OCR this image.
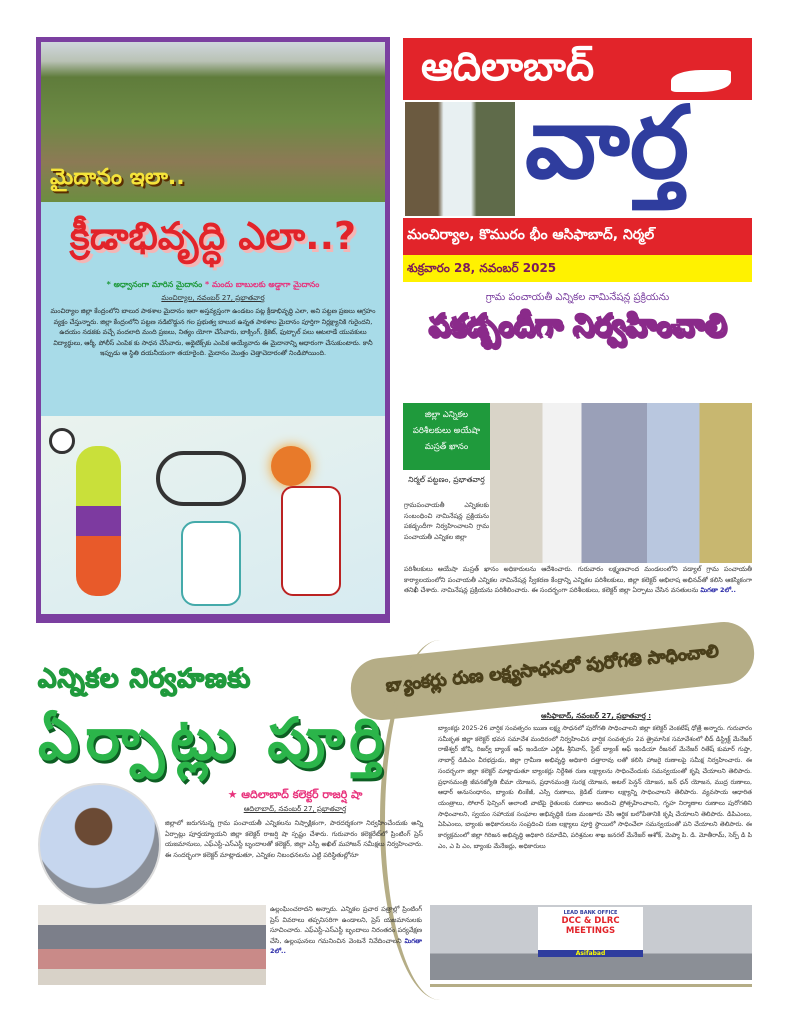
మైదానం ఇలా..
క్రీడాభివృద్ధి ఎలా..?
* అధ్వానంగా మారిన మైదానం * మందు బాబులకు అడ్డాగా మైదానం
మంచిర్యాల, నవంబర్ 27, ప్రభాతవార్త
మంచిర్యాల జిల్లా కేంద్రంలోని బాలుర పాఠశాల మైదానం ఇలా అస్తవ్యస్తంగా ఉండటం పట్ల క్రీడాభివృద్ధి ఎలా, అని పట్టణ ప్రజలు ఆగ్రహం వ్యక్తం చేస్తున్నారు. జిల్లా కేంద్రంలోని పట్టణ నడిబొడ్డున గల ప్రభుత్వ బాలుర ఉన్నత పాఠశాల మైదానం పూర్తిగా నిర్లక్ష్యానికి గురైందని, ఉదయం నడకకు వచ్చే వందలాది మంది ప్రజలు, నిత్యం యోగా చేసేవారు, బాక్సింగ్, క్రికెట్, ఫుట్బాల్ పలు ఆటలాడే యువకులు విద్యార్థులు, ఆర్మీ, పోలీస్ ఎంపిక కు సాధన చేసేవారు, అథ్లెటిక్స్‌కు ఎంపిక అయ్యేవారు ఈ మైదానాన్ని ఆధారంగా చేసుకుంటారు. కానీ ఇప్పుడు ఆ స్థితి దయనీయంగా తయారైంది. మైదానం మొత్తం చెత్తాచెదారంతో నిండిపోయింది.
ఆదిలాబాద్
వార్త
మంచిర్యాల, కొమురం భీం ఆసిఫాబాద్, నిర్మల్
శుక్రవారం 28, నవంబర్ 2025
గ్రామ పంచాయతీ ఎన్నికల నామినేషన్ల ప్రక్రియను
పకడ్బందీగా నిర్వహించాలి
జిల్లా ఎన్నికల పరిశీలకులు అయేషా మస్రత్ ఖానం
నిర్మల్ పట్టణం, ప్రభాతవార్త
గ్రామపంచాయతీ ఎన్నికలకు సంబంధించి నామినేషన్ల ప్రక్రియను పకడ్బందీగా నిర్వహించాలని గ్రామ పంచాయతీ ఎన్నికల జిల్లా
పరిశీలకులు ఆయేషా మస్రత్ ఖానం అధికారులను ఆదేశించారు. గురువారం లక్ష్మణచాంద మండలంలోని వడ్యాల్ గ్రామ పంచాయతీ కార్యాలయంలోని పంచాయతీ ఎన్నికల నామినేషన్ల స్వీకరణ కేంద్రాన్ని ఎన్నికల పరిశీలకులు, జిల్లా కలెక్టర్ అభిలాష అభినవ్‌తో కలిసి ఆకస్మికంగా తనిఖీ చేశారు. నామినేషన్ల ప్రక్రియను పరిశీలించారు. ఈ సందర్భంగా పరిశీలకులు, కలెక్టర్ జిల్లా ఏర్పాటు చేసిన వసతులను మిగతా 2లో..
బ్యాంకర్లు రుణ లక్ష్యసాధనలో పురోగతి సాధించాలి
ఆసిఫాబాద్, నవంబర్ 27, ప్రభాతవార్త :
బ్యాంకర్లు 2025-26 వార్షిక సంవత్సరం ఋణ లక్ష్య సాధనలో పురోగతి సాధించాలని జిల్లా కలెక్టర్ వెంకటేష్ ధోత్రే అన్నారు. గురువారం సమీకృత జిల్లా కలెక్టర్ భవన సమావేశ మందిరంలో నిర్వహించిన వార్షిక సంవత్సరం 2వ త్రైమాసిక సమావేశంలో లీడ్ డిస్ట్రిక్ట్ మేనేజర్ రాజేశ్వర్ జోషి, రిజర్వ్ బ్యాంక్ ఆఫ్ ఇండియా ఎల్డిఓ శ్రీనివాస్, స్టేట్ బ్యాంక్ ఆఫ్ ఇండియా రీజనల్ మేనేజర్ రితేష్ కుమార్ గుప్తా, నాబార్డ్ డిడిఎం వీరభద్రుడు, జిల్లా గ్రామీణ అభివృద్ధి అధికారి దత్తారావు లతో కలిసి హాజరై రుణాలపై సమీక్ష నిర్వహించారు. ఈ సందర్భంగా జిల్లా కలెక్టర్ మాట్లాడుతూ బ్యాంకర్లు నిర్దేశిత రుణ లక్ష్యాలను సాధించేందుకు సమన్వయంతో కృషి చేయాలని తెలిపారు. ప్రధానమంత్రి జీవనజ్యోతి బీమా యోజన, ప్రధానమంత్రి సురక్ష యోజన, అటల్ పెన్షన్ యోజన, జన్ ధన్ యోజన, ముద్ర రుణాలు, ఆధార్ అనుసంధానం, బ్యాంకు లింకేజీ, ఎస్సి రుణాలు, క్రెడిట్ రుణాల లక్ష్యాన్ని సాధించాలని తెలిపారు. వ్యవసాయ ఆధారిత యంత్రాలు, సోలార్ ఫెన్సింగ్ అలాంటి వాటిపై రైతులకు రుణాలు అందించి ప్రోత్సహించాలని, గృహ నిర్మాణాల రుణాలు పురోగతిని సాధించాలని, స్వయం సహాయక సంఘాల అభివృద్ధికి రుణ మంజూరు చేసి ఆర్థిక బలోపేతానికి కృషి చేయాలని తెలిపారు. డిపిఎంలు, ఏపిఎంలు, బ్యాంకు అధికారులను సంప్రదించి రుణ లక్ష్యాలు పూర్తి స్థాయిలో సాధించేలా సమన్వయంతో పని చేయాలని తెలిపారు. ఈ కార్యక్రమంలో జిల్లా గిరిజన అభివృద్ధి అధికారి రమాదేవి, పరిశ్రమల శాఖ జనరల్ మేనేజర్ ఆశోక్, మెప్మా పి. డి. మోతీరామ్, సెర్ప్ డి పి ఎం, ఎ పి ఎం, బ్యాంకు మేనేజర్లు, అధికారులు
LEAD BANK OFFICE
DCC & DLRC MEETINGS
Asifabad
ఎన్నికల నిర్వహణకు
ఏర్పాట్లు పూర్తి
★ ఆదిలాబాద్ కలెక్టర్ రాజర్షి షా
ఆదిలాబాద్, నవంబర్ 27, ప్రభాతవార్త
జిల్లాలో జరుగనున్న గ్రామ పంచాయతీ ఎన్నికలను నిష్పాక్షికంగా, పారదర్శకంగా నిర్వహించేందుకు అన్ని ఏర్పాట్లు పూర్తయ్యాయని జిల్లా కలెక్టర్ రాజర్షి షా స్పష్టం చేశారు. గురువారం కలెక్టరేట్‌లో ప్రింటింగ్ ప్రెస్ యజమానులు, ఎఫ్ఎస్టీ-ఎస్ఎస్టీ బృందాలతో కలెక్టర్, జిల్లా ఎస్పీ అఖిల్ మహాజన్ సమీక్షలు నిర్వహించారు. ఈ సందర్భంగా కలెక్టర్ మాట్లాడుతూ, ఎన్నికల నిబంధనలను ఎట్టి పరిస్థితుల్లోనూ
ఉల్లంఘించరాదని అన్నారు. ఎన్నికల ప్రచార పత్రాల్లో ప్రింటింగ్ ప్రెస్ వివరాలు తప్పనిసరిగా ఉండాలని, ప్రెస్ యజమానులకు సూచించారు. ఎఫ్ఎస్టీ-ఎస్ఎస్టీ బృందాలు నిరంతరం పర్యవేక్షణ చేసి, ఉల్లంఘనలు గమనించిన వెంటనే నివేదించాలని మిగతా 2లో..
